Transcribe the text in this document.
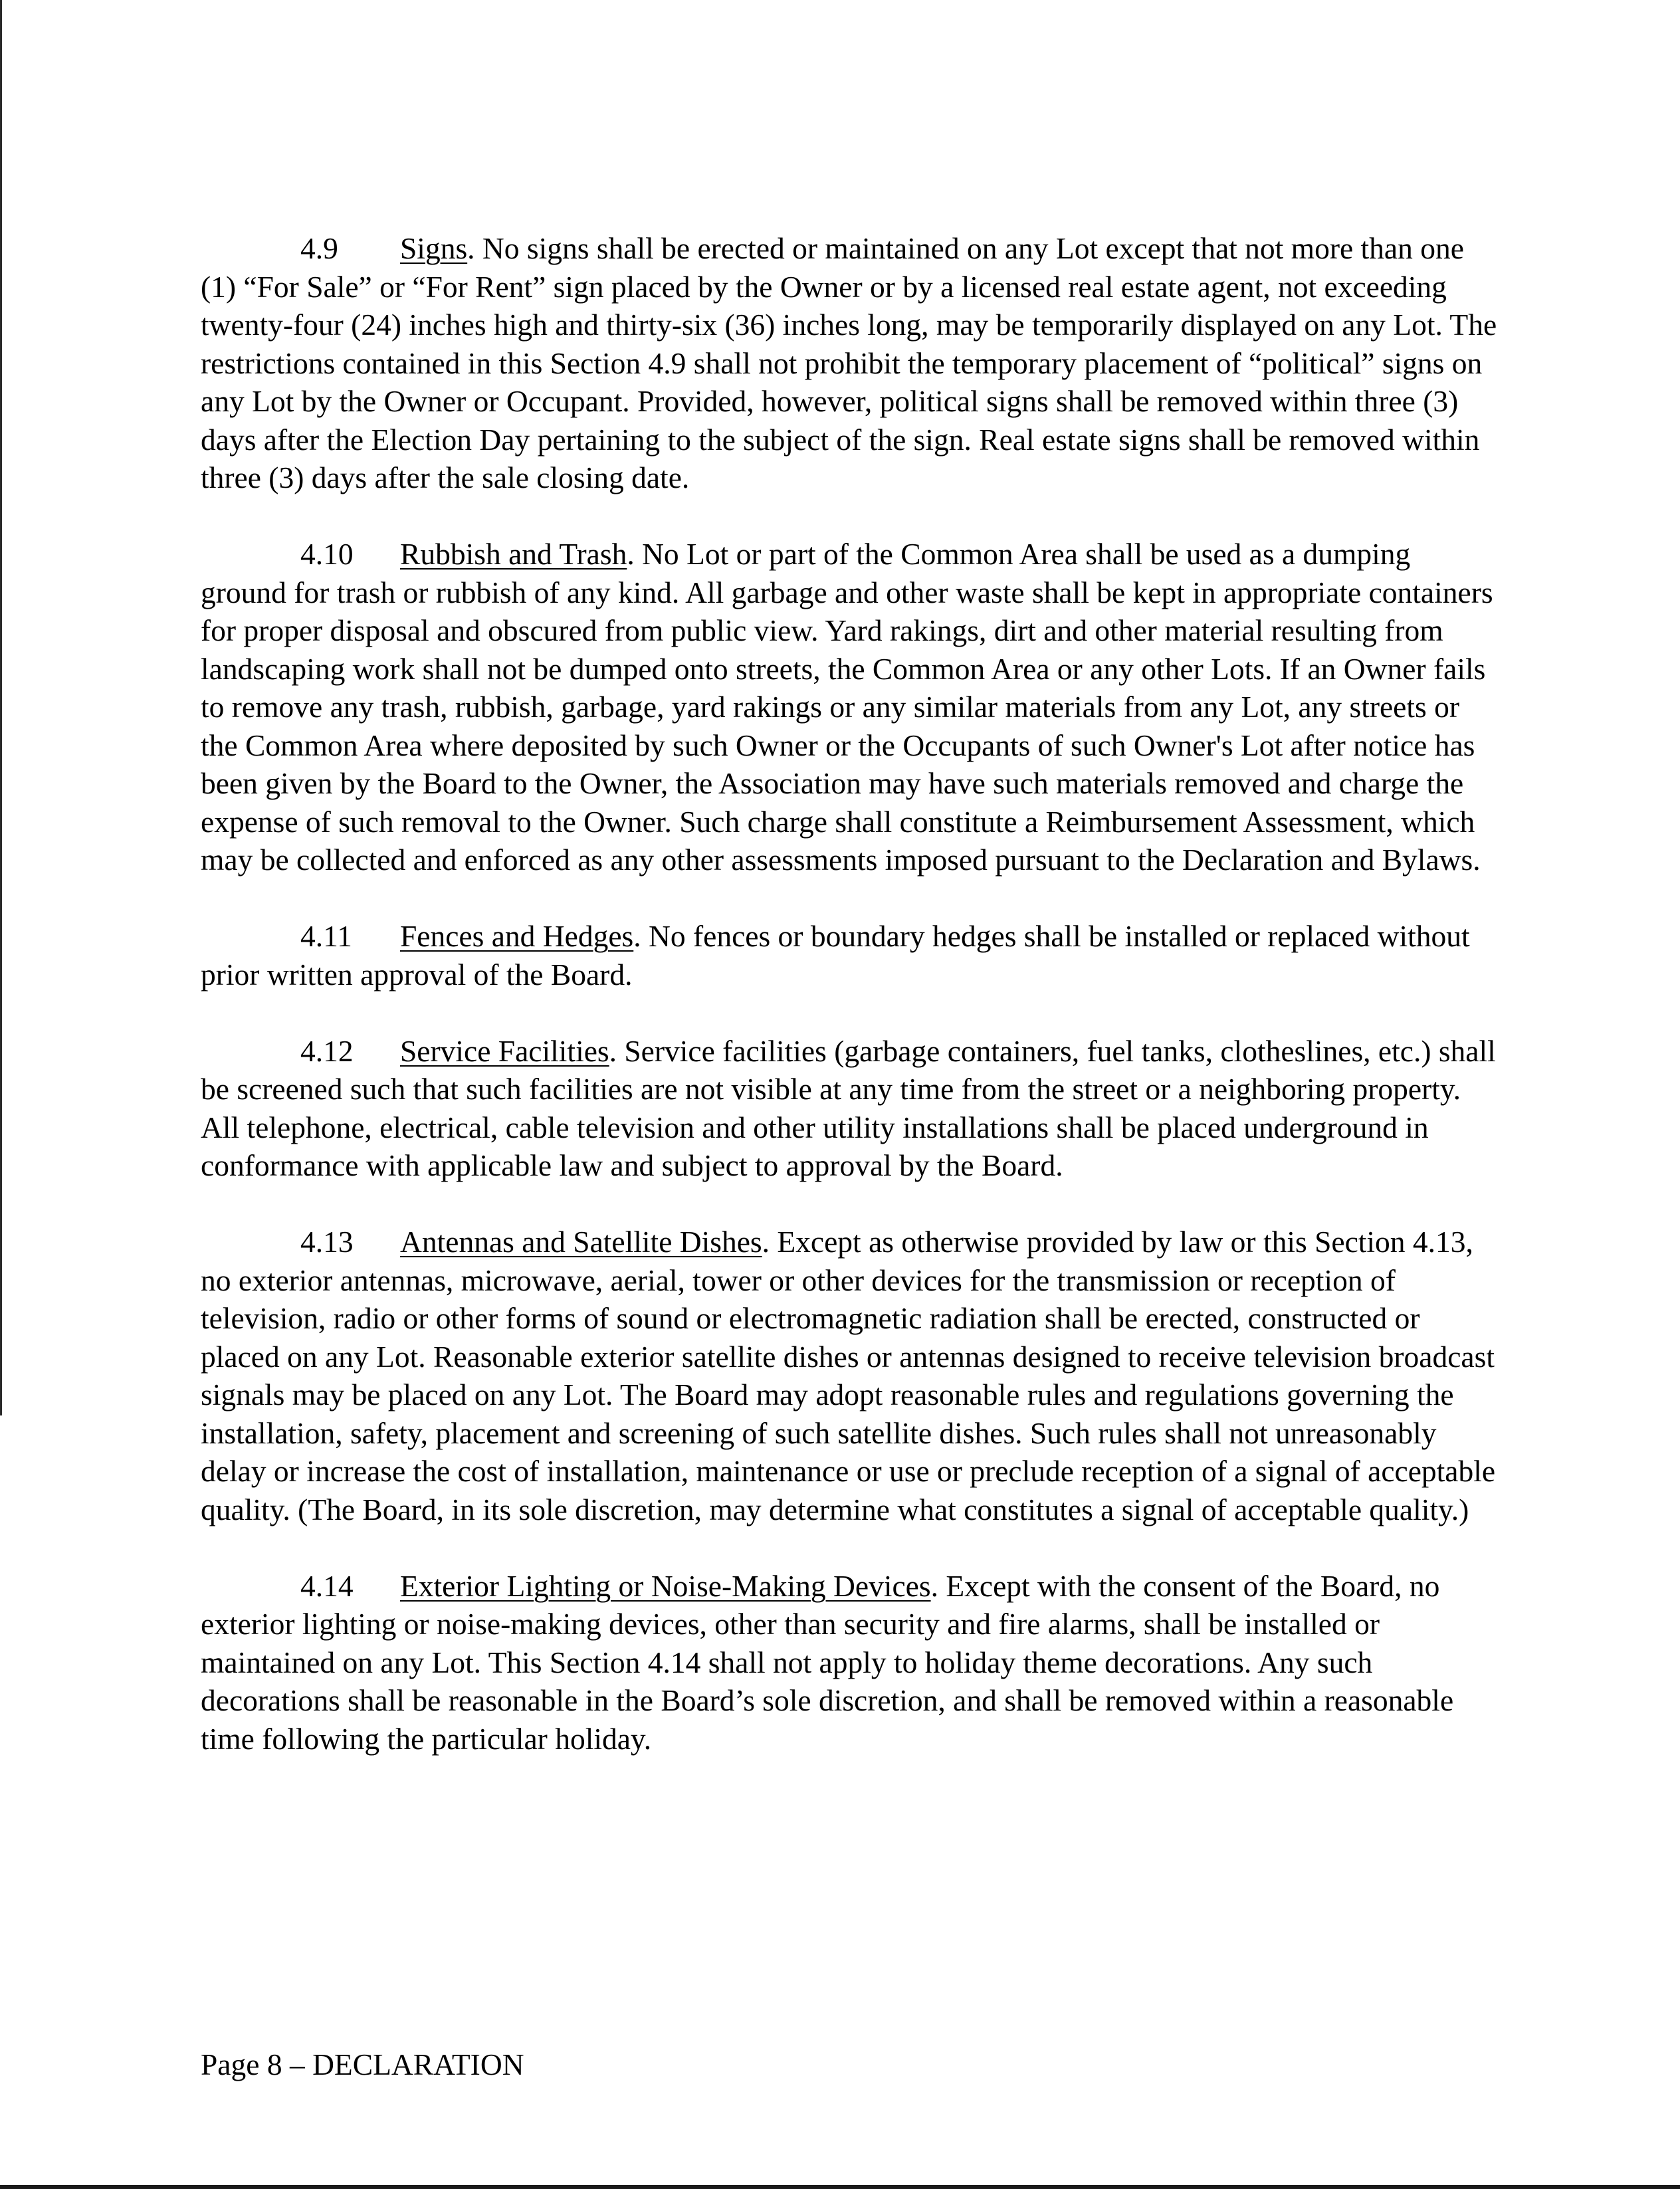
4.9 Signs. No signs shall be erected or maintained on any Lot except that not more than one (1) “For Sale” or “For Rent” sign placed by the Owner or by a licensed real estate agent, not exceeding twenty-four (24) inches high and thirty-six (36) inches long, may be temporarily displayed on any Lot. The restrictions contained in this Section 4.9 shall not prohibit the temporary placement of “political” signs on any Lot by the Owner or Occupant. Provided, however, political signs shall be removed within three (3) days after the Election Day pertaining to the subject of the sign. Real estate signs shall be removed within three (3) days after the sale closing date.

4.10 Rubbish and Trash. No Lot or part of the Common Area shall be used as a dumping ground for trash or rubbish of any kind. All garbage and other waste shall be kept in appropriate containers for proper disposal and obscured from public view. Yard rakings, dirt and other material resulting from landscaping work shall not be dumped onto streets, the Common Area or any other Lots. If an Owner fails to remove any trash, rubbish, garbage, yard rakings or any similar materials from any Lot, any streets or the Common Area where deposited by such Owner or the Occupants of such Owner's Lot after notice has been given by the Board to the Owner, the Association may have such materials removed and charge the expense of such removal to the Owner. Such charge shall constitute a Reimbursement Assessment, which may be collected and enforced as any other assessments imposed pursuant to the Declaration and Bylaws.

4.11 Fences and Hedges. No fences or boundary hedges shall be installed or replaced without prior written approval of the Board.

4.12 Service Facilities. Service facilities (garbage containers, fuel tanks, clotheslines, etc.) shall be screened such that such facilities are not visible at any time from the street or a neighboring property. All telephone, electrical, cable television and other utility installations shall be placed underground in conformance with applicable law and subject to approval by the Board.

4.13 Antennas and Satellite Dishes. Except as otherwise provided by law or this Section 4.13, no exterior antennas, microwave, aerial, tower or other devices for the transmission or reception of television, radio or other forms of sound or electromagnetic radiation shall be erected, constructed or placed on any Lot. Reasonable exterior satellite dishes or antennas designed to receive television broadcast signals may be placed on any Lot. The Board may adopt reasonable rules and regulations governing the installation, safety, placement and screening of such satellite dishes. Such rules shall not unreasonably delay or increase the cost of installation, maintenance or use or preclude reception of a signal of acceptable quality. (The Board, in its sole discretion, may determine what constitutes a signal of acceptable quality.)

4.14 Exterior Lighting or Noise-Making Devices. Except with the consent of the Board, no exterior lighting or noise-making devices, other than security and fire alarms, shall be installed or maintained on any Lot. This Section 4.14 shall not apply to holiday theme decorations. Any such decorations shall be reasonable in the Board’s sole discretion, and shall be removed within a reasonable time following the particular holiday.

Page 8 – DECLARATION
